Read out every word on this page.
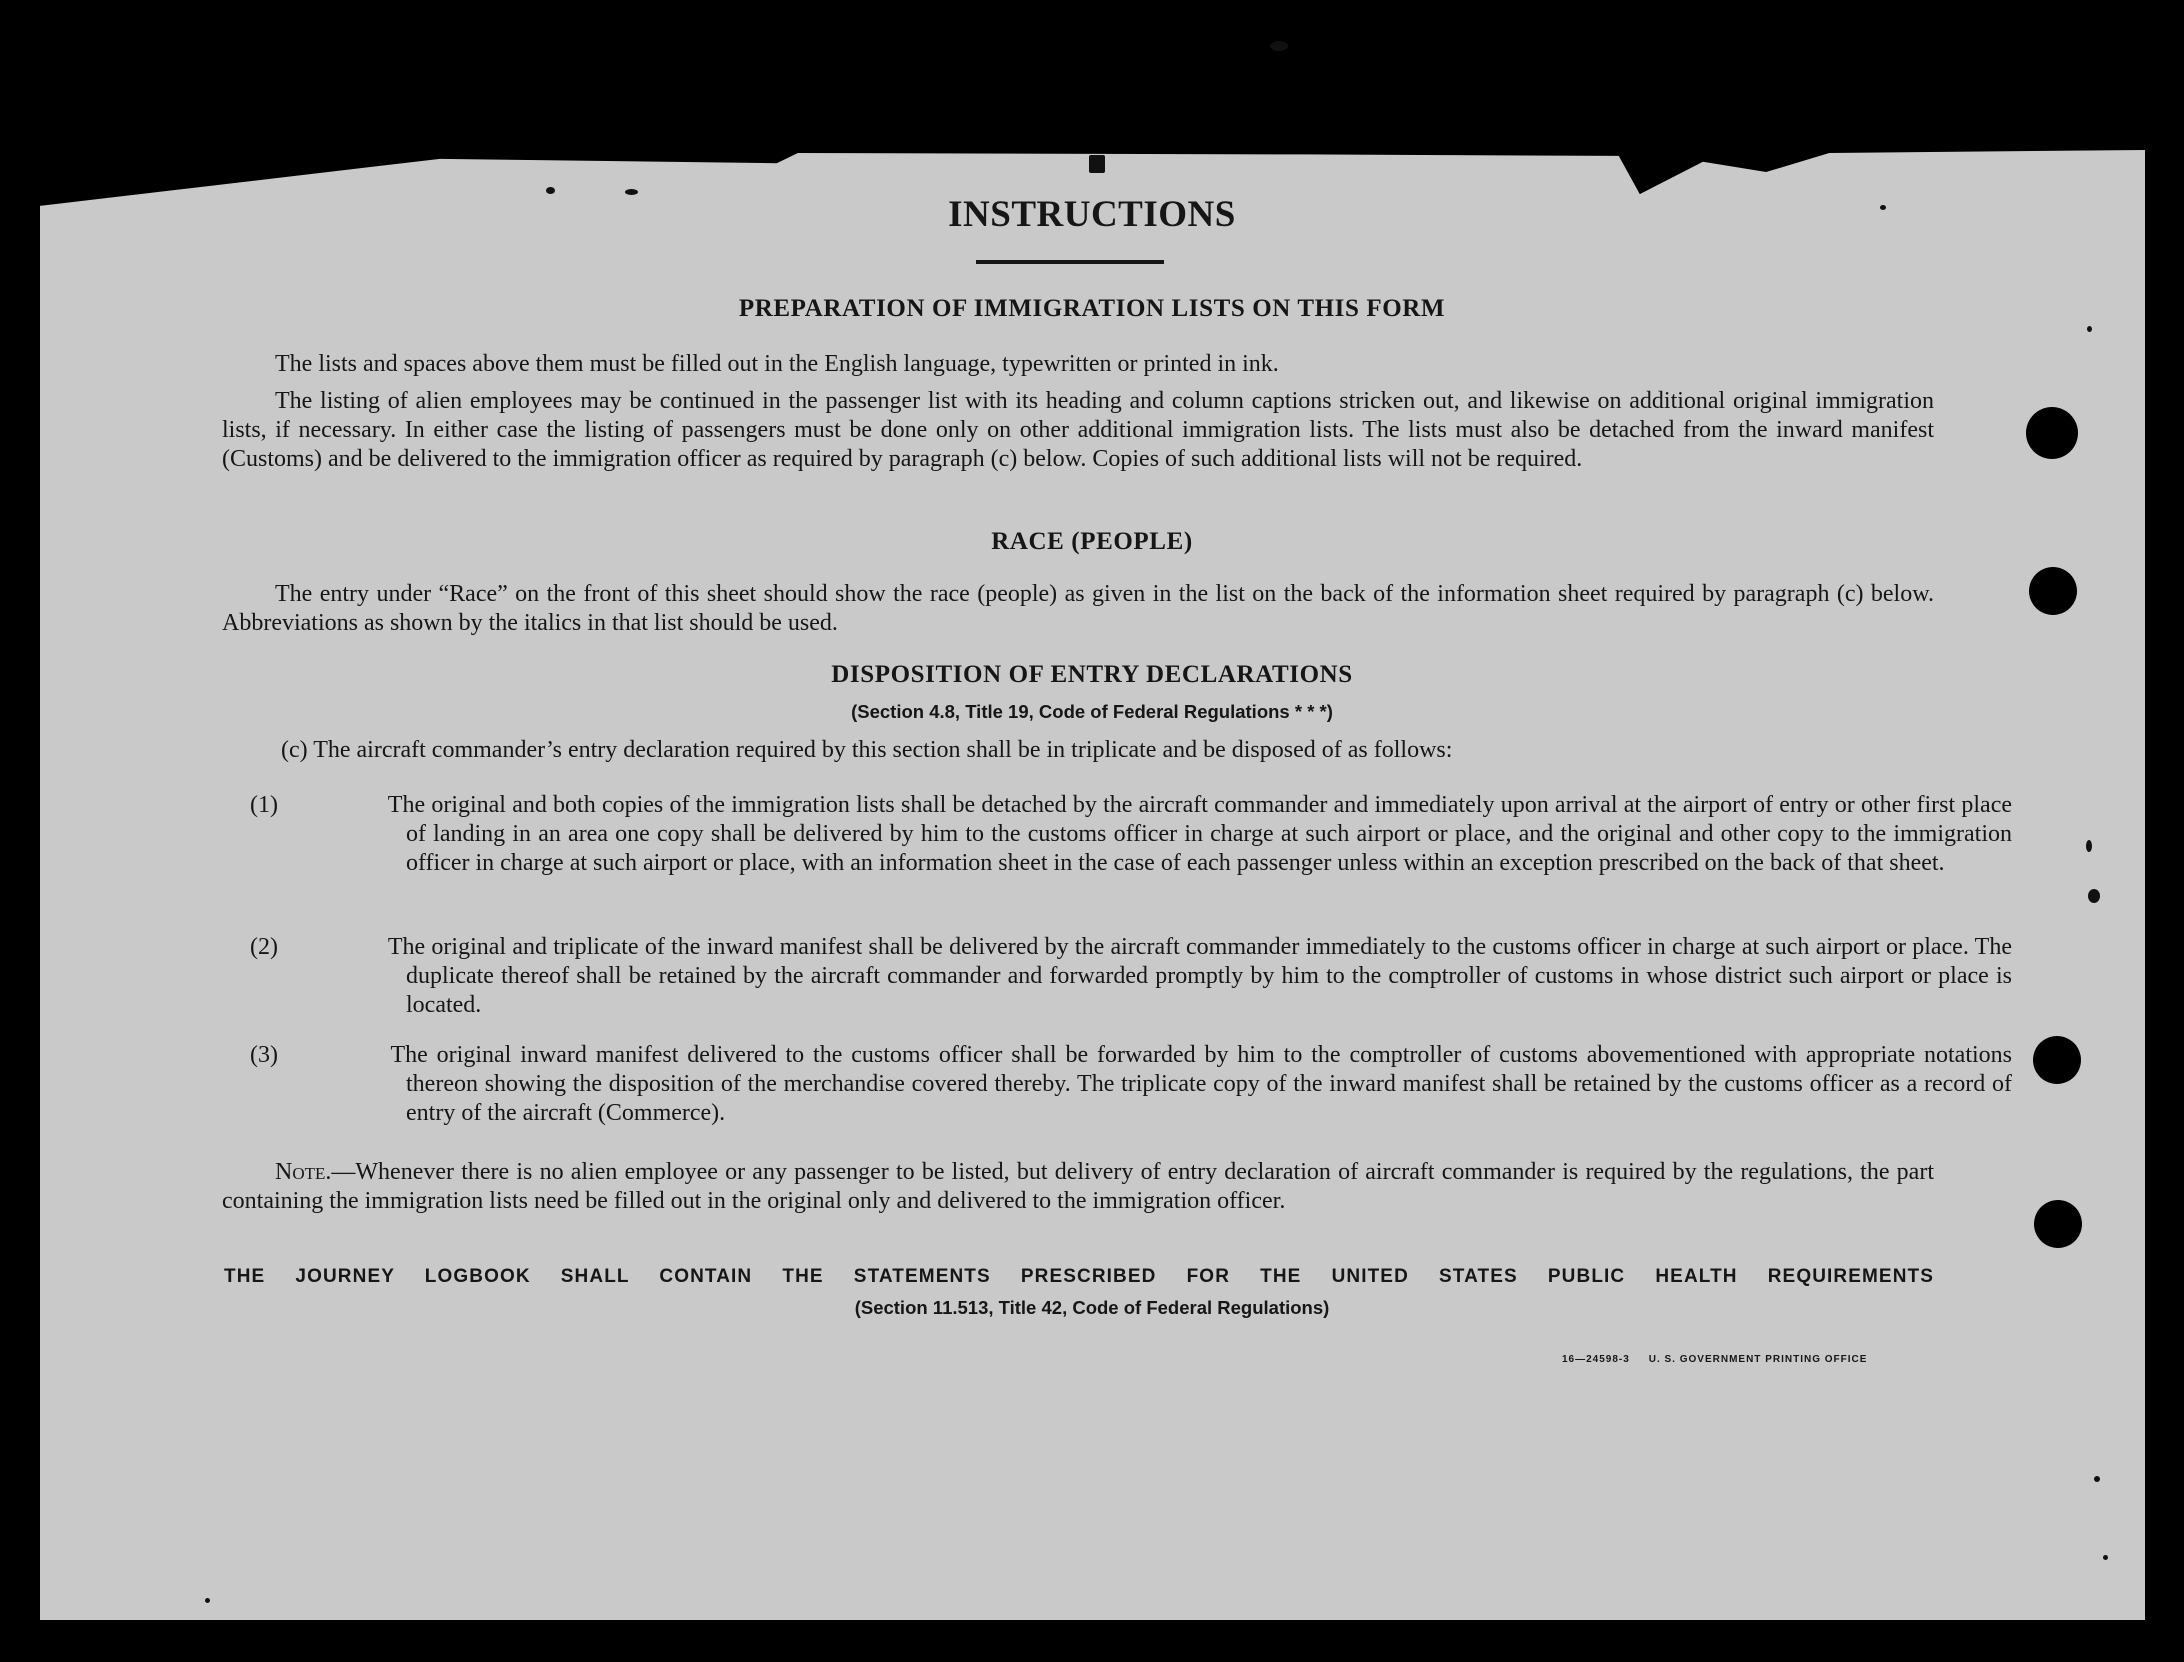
INSTRUCTIONS
PREPARATION OF IMMIGRATION LISTS ON THIS FORM
The lists and spaces above them must be filled out in the English language, typewritten or printed in ink.
The listing of alien employees may be continued in the passenger list with its heading and column captions stricken out, and likewise on additional original immigration lists, if necessary. In either case the listing of passengers must be done only on other additional immigration lists. The lists must also be detached from the inward manifest (Customs) and be delivered to the immigration officer as required by paragraph (c) below. Copies of such additional lists will not be required.
RACE (PEOPLE)
The entry under “Race” on the front of this sheet should show the race (people) as given in the list on the back of the information sheet required by paragraph (c) below. Abbreviations as shown by the italics in that list should be used.
DISPOSITION OF ENTRY DECLARATIONS
(Section 4.8, Title 19, Code of Federal Regulations * * *)
(c) The aircraft commander’s entry declaration required by this section shall be in triplicate and be disposed of as follows:
(1)	The original and both copies of the immigration lists shall be detached by the aircraft commander and immediately upon arrival at the airport of entry or other first place of landing in an area one copy shall be delivered by him to the customs officer in charge at such airport or place, and the original and other copy to the immigration officer in charge at such airport or place, with an information sheet in the case of each passenger unless within an exception prescribed on the back of that sheet.
(2)	The original and triplicate of the inward manifest shall be delivered by the aircraft commander immediately to the customs officer in charge at such airport or place. The duplicate thereof shall be retained by the aircraft commander and forwarded promptly by him to the comptroller of customs in whose district such airport or place is located.
(3)	The original inward manifest delivered to the customs officer shall be forwarded by him to the comptroller of customs abovementioned with appropriate notations thereon showing the disposition of the merchandise covered thereby. The triplicate copy of the inward manifest shall be retained by the customs officer as a record of entry of the aircraft (Commerce).
Note.—Whenever there is no alien employee or any passenger to be listed, but delivery of entry declaration of aircraft commander is required by the regulations, the part containing the immigration lists need be filled out in the original only and delivered to the immigration officer.
THE JOURNEY LOGBOOK SHALL CONTAIN THE STATEMENTS PRESCRIBED FOR THE UNITED STATES PUBLIC HEALTH REQUIREMENTS
(Section 11.513, Title 42, Code of Federal Regulations)
16—24598-3 U. S. GOVERNMENT PRINTING OFFICE
